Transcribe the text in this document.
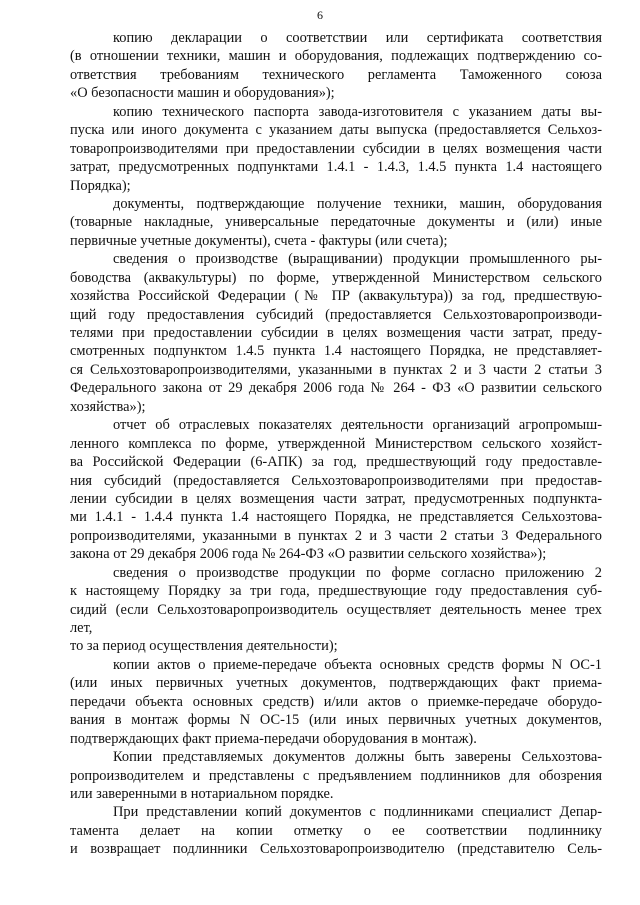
6
копию декларации о соответствии или сертификата соответствия
(в отношении техники, машин и оборудования, подлежащих подтверждению со-
ответствия требованиям технического регламента Таможенного союза
«О безопасности машин и оборудования»);
копию технического паспорта завода-изготовителя с указанием даты вы-
пуска или иного документа с указанием даты выпуска (предоставляется Сельхоз-
товаропроизводителями при предоставлении субсидии в целях возмещения части
затрат, предусмотренных подпунктами 1.4.1 - 1.4.3, 1.4.5 пункта 1.4 настоящего
Порядка);
документы, подтверждающие получение техники, машин, оборудования
(товарные накладные, универсальные передаточные документы и (или) иные
первичные учетные документы), счета - фактуры (или счета);
сведения о производстве (выращивании) продукции промышленного ры-
боводства (аквакультуры) по форме, утвержденной Министерством сельского
хозяйства Российской Федерации (№ ПР (аквакультура)) за год, предшествую-
щий году предоставления субсидий (предоставляется Сельхозтоваропроизводи-
телями при предоставлении субсидии в целях возмещения части затрат, преду-
смотренных подпунктом 1.4.5 пункта 1.4 настоящего Порядка, не представляет-
ся Сельхозтоваропроизводителями, указанными в пунктах 2 и 3 части 2 статьи 3
Федерального закона от 29 декабря 2006 года № 264 - ФЗ «О развитии сельского
хозяйства»);
отчет об отраслевых показателях деятельности организаций агропромыш-
ленного комплекса по форме, утвержденной Министерством сельского хозяйст-
ва Российской Федерации (6-АПК) за год, предшествующий году предоставле-
ния субсидий (предоставляется Сельхозтоваропроизводителями при предостав-
лении субсидии в целях возмещения части затрат, предусмотренных подпункта-
ми 1.4.1 - 1.4.4 пункта 1.4 настоящего Порядка, не представляется Сельхозтова-
ропроизводителями, указанными в пунктах 2 и 3 части 2 статьи 3 Федерального
закона от 29 декабря 2006 года № 264-ФЗ «О развитии сельского хозяйства»);
сведения о производстве продукции по форме согласно приложению 2
к настоящему Порядку за три года, предшествующие году предоставления суб-
сидий (если Сельхозтоваропроизводитель осуществляет деятельность менее трех
лет,
то за период осуществления деятельности);
копии актов о приеме-передаче объекта основных средств формы N ОС-1
(или иных первичных учетных документов, подтверждающих факт приема-
передачи объекта основных средств) и/или актов о приемке-передаче оборудо-
вания в монтаж формы N ОС-15 (или иных первичных учетных документов,
подтверждающих факт приема-передачи оборудования в монтаж).
Копии представляемых документов должны быть заверены Сельхозтова-
ропроизводителем и представлены с предъявлением подлинников для обозрения
или заверенными в нотариальном порядке.
При представлении копий документов с подлинниками специалист Депар-
тамента делает на копии отметку о ее соответствии подлиннику
и возвращает подлинники Сельхозтоваропроизводителю (представителю Сель-
